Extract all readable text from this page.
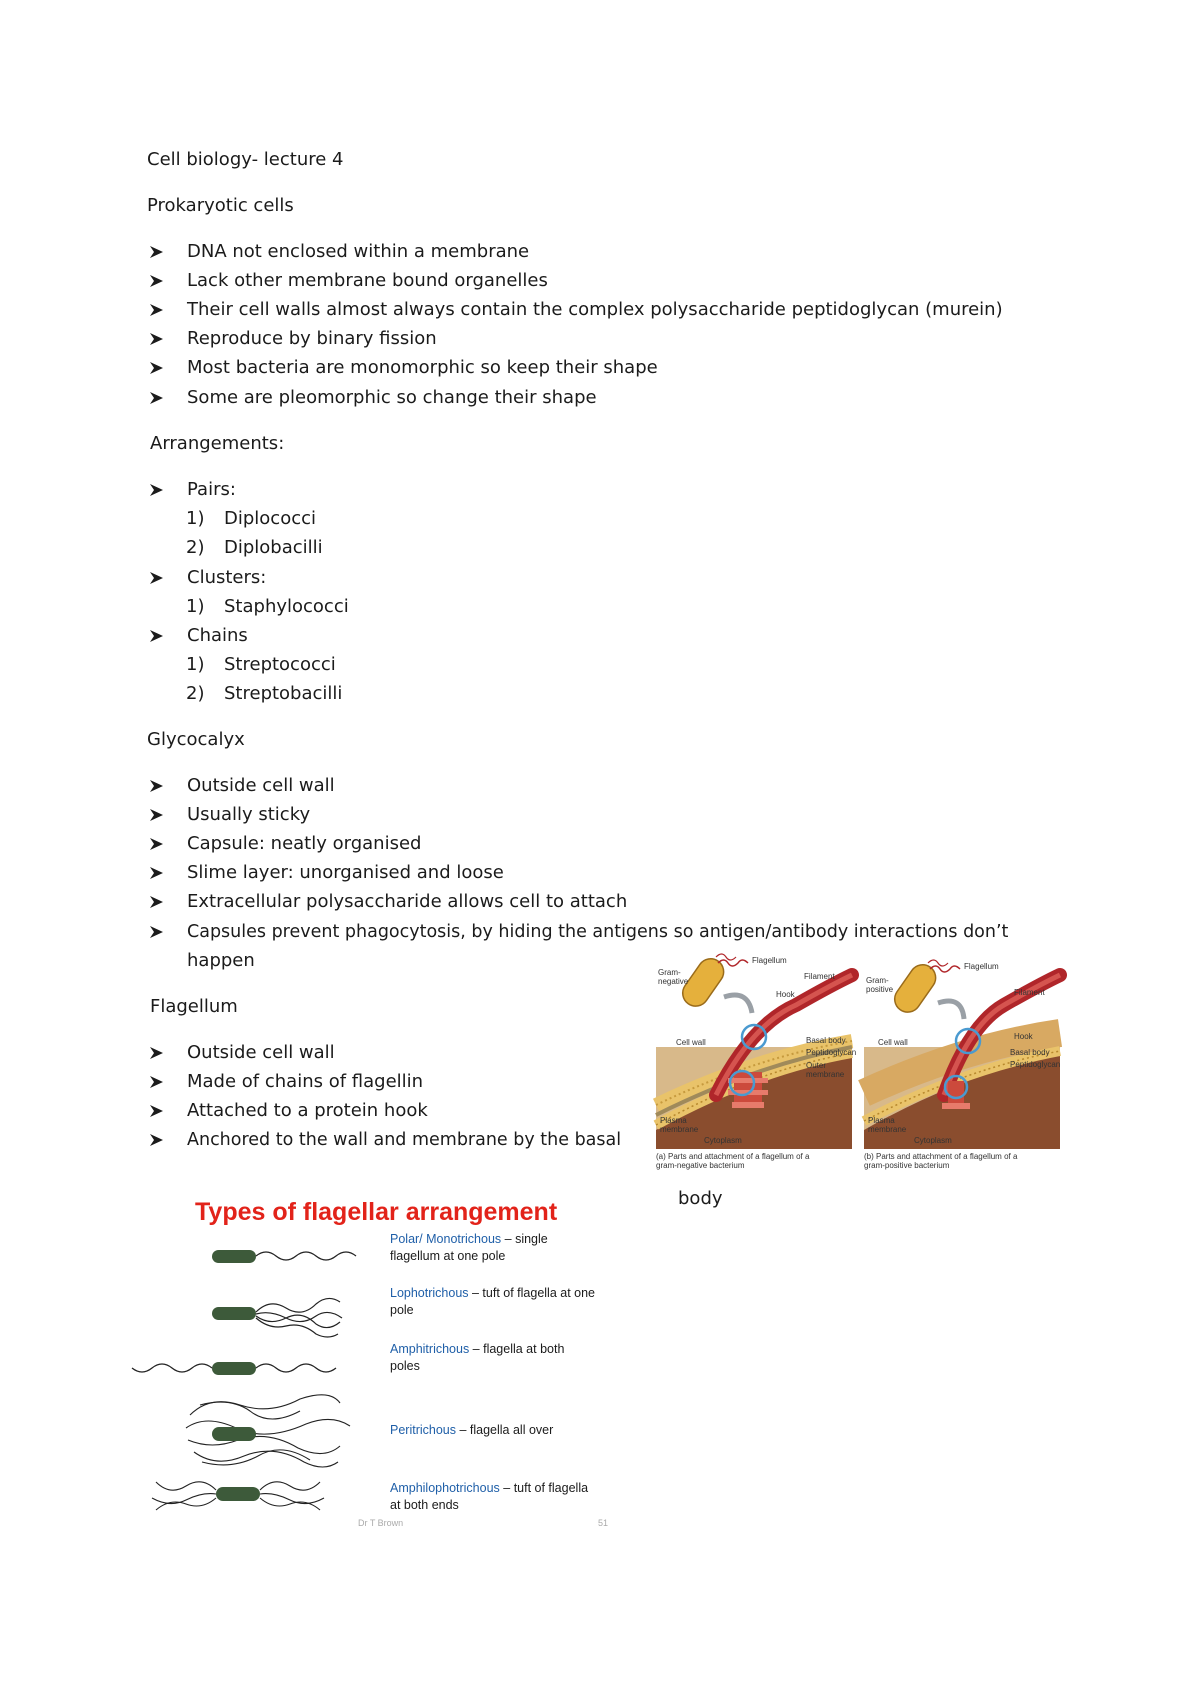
Cell biology- lecture 4
Prokaryotic cells
DNA not enclosed within a membrane
Lack other membrane bound organelles
Their cell walls almost always contain the complex polysaccharide peptidoglycan (murein)
Reproduce by binary fission
Most bacteria are monomorphic so keep their shape
Some are pleomorphic so change their shape
Arrangements:
Pairs:
1) Diplococci
2) Diplobacilli
Clusters:
1) Staphylococci
Chains
1) Streptococci
2) Streptobacilli
Glycocalyx
Outside cell wall
Usually sticky
Capsule: neatly organised
Slime layer: unorganised and loose
Extracellular polysaccharide allows cell to attach
Capsules prevent phagocytosis, by hiding the antigens so antigen/antibody interactions don’t
happen
Flagellum
Outside cell wall
Made of chains of flagellin
Attached to a protein hook
Anchored to the wall and membrane by the basal
body
Gram-negative
Flagellum
Filament
Hook
Basal body
Peptidoglycan
Outer membrane
Cell wall
Plasma membrane
Cytoplasm
(a) Parts and attachment of a flagellum of a gram-negative bacterium
Gram-positive
Flagellum
Filament
Hook
Basal body
Peptidoglycan
Cell wall
Plasma membrane
Cytoplasm
(b) Parts and attachment of a flagellum of a gram-positive bacterium
Types of flagellar arrangement
Polar/ Monotrichous – single
flagellum at one pole
Lophotrichous – tuft of flagella at one
pole
Amphitrichous – flagella at both
poles
Peritrichous – flagella all over
Amphilophotrichous – tuft of flagella
at both ends
Dr T Brown	51
